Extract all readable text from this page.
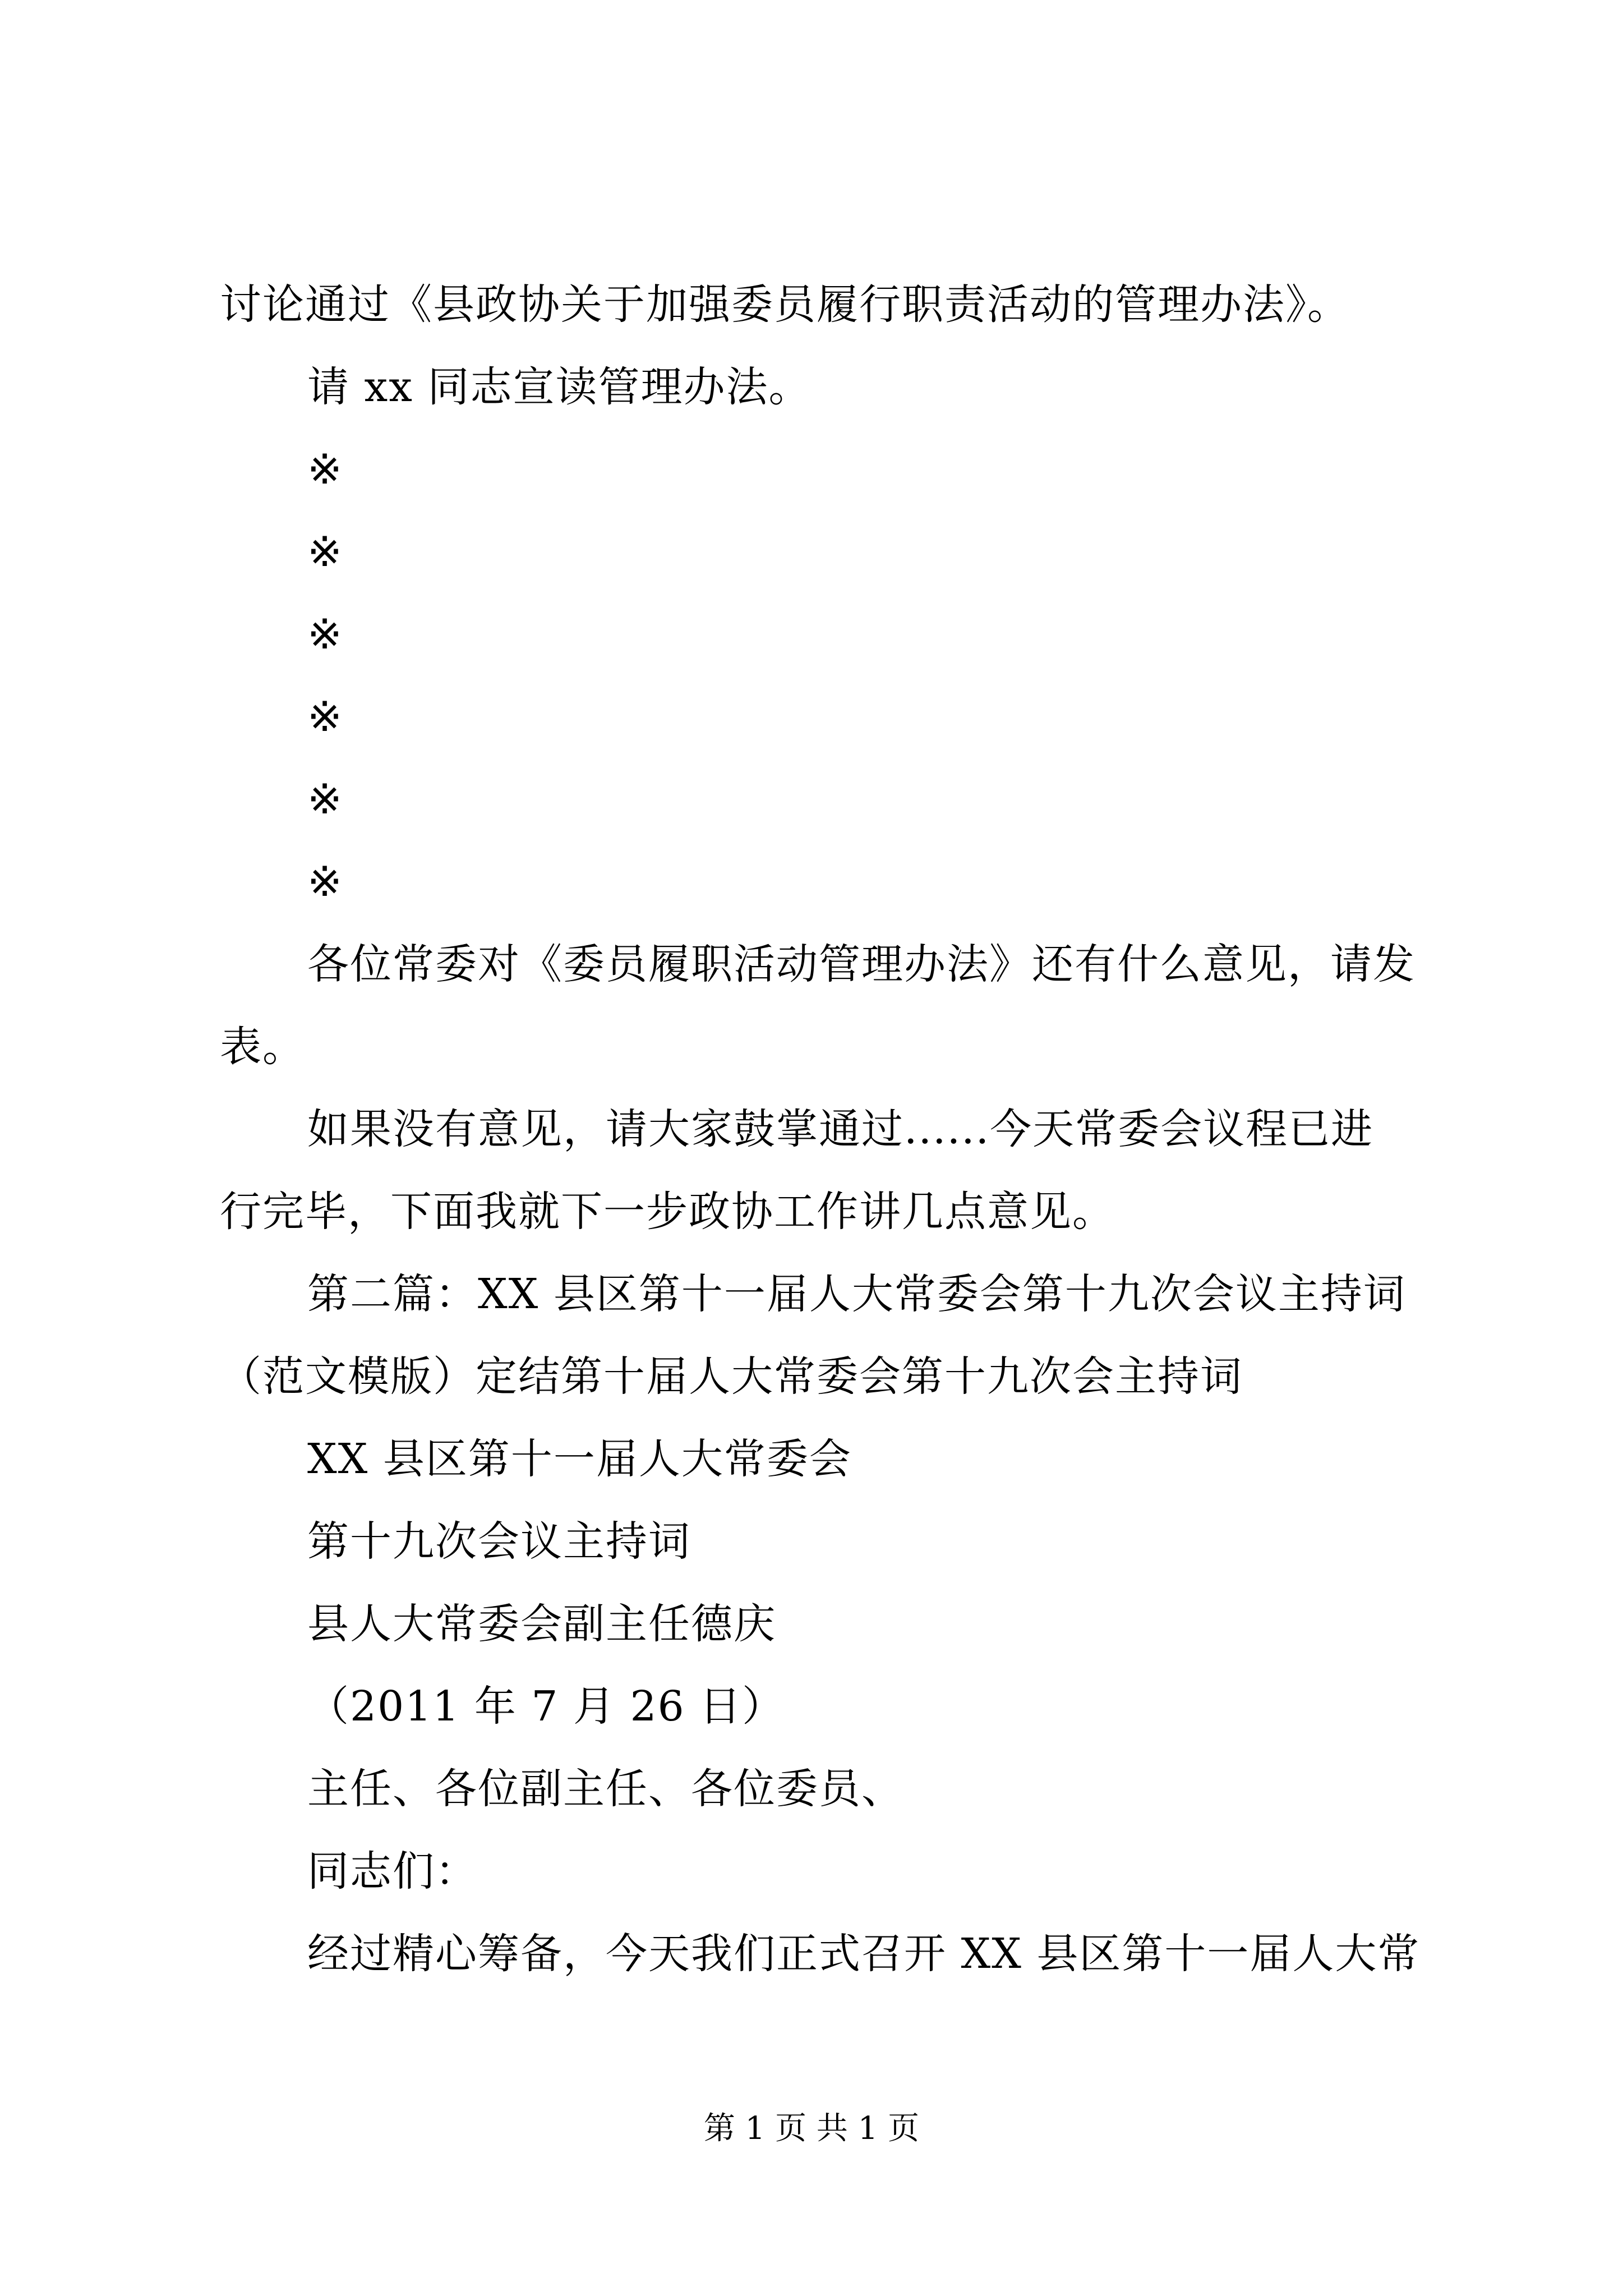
讨论通过《县政协关于加强委员履行职责活动的管理办法》。
请 xx 同志宣读管理办法。
※
※
※
※
※
※
各位常委对《委员履职活动管理办法》还有什么意见，请发
表。
如果没有意见，请大家鼓掌通过......今天常委会议程已进
行完毕，下面我就下一步政协工作讲几点意见。
第二篇：XX 县区第十一届人大常委会第十九次会议主持词
（范文模版）定结第十届人大常委会第十九次会主持词
XX 县区第十一届人大常委会
第十九次会议主持词
县人大常委会副主任德庆
（2011 年 7 月 26 日）
主任、各位副主任、各位委员、
同志们：
经过精心筹备，今天我们正式召开 XX 县区第十一届人大常
第 1 页 共 1 页
